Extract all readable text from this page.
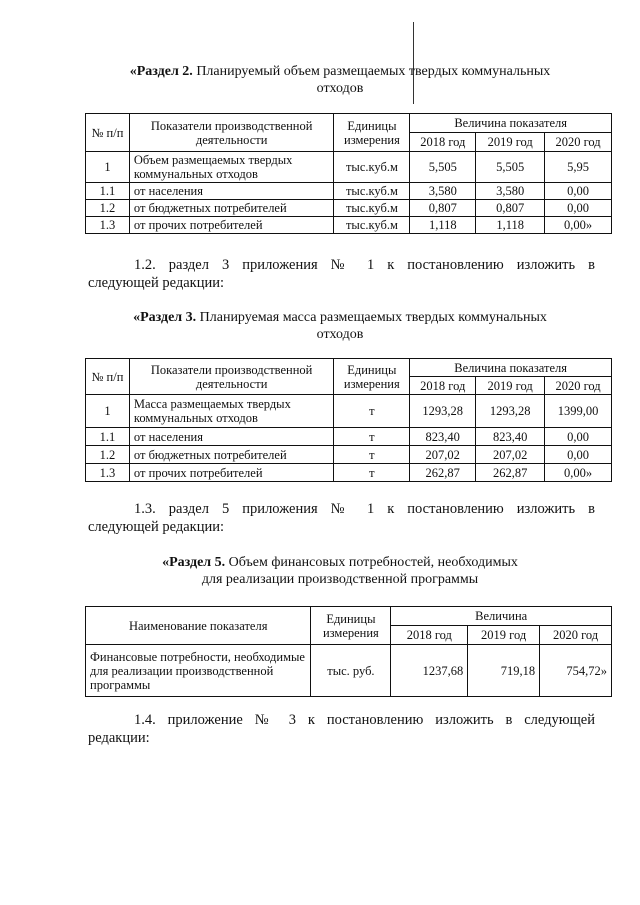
«Раздел 2. Планируемый объем размещаемых твердых коммунальных
отходов
№ п/п	Показатели производственной деятельности	Единицы измерения	Величина показателя		
			2018 год	2019 год	2020 год
1	Объем размещаемых твердых коммунальных отходов	тыс.куб.м	5,505	5,505	5,95
1.1	от населения	тыс.куб.м	3,580	3,580	0,00
1.2	от бюджетных потребителей	тыс.куб.м	0,807	0,807	0,00
1.3	от прочих потребителей	тыс.куб.м	1,118	1,118	0,00»
1.2. раздел 3 приложения № 1 к постановлению изложить в
следующей редакции:
«Раздел 3. Планируемая масса размещаемых твердых коммунальных
отходов
№ п/п	Показатели производственной деятельности	Единицы измерения	Величина показателя		
			2018 год	2019 год	2020 год
1	Масса размещаемых твердых коммунальных отходов	т	1293,28	1293,28	1399,00
1.1	от населения	т	823,40	823,40	0,00
1.2	от бюджетных потребителей	т	207,02	207,02	0,00
1.3	от прочих потребителей	т	262,87	262,87	0,00»
1.3. раздел 5 приложения № 1 к постановлению изложить в
следующей редакции:
«Раздел 5. Объем финансовых потребностей, необходимых
для реализации производственной программы
Наименование показателя	Единицы измерения	Величина		
		2018 год	2019 год	2020 год
Финансовые потребности, необходимые для реализации производственной программы	тыс. руб.	1237,68	719,18	754,72»
1.4. приложение № 3 к постановлению изложить в следующей
редакции:
